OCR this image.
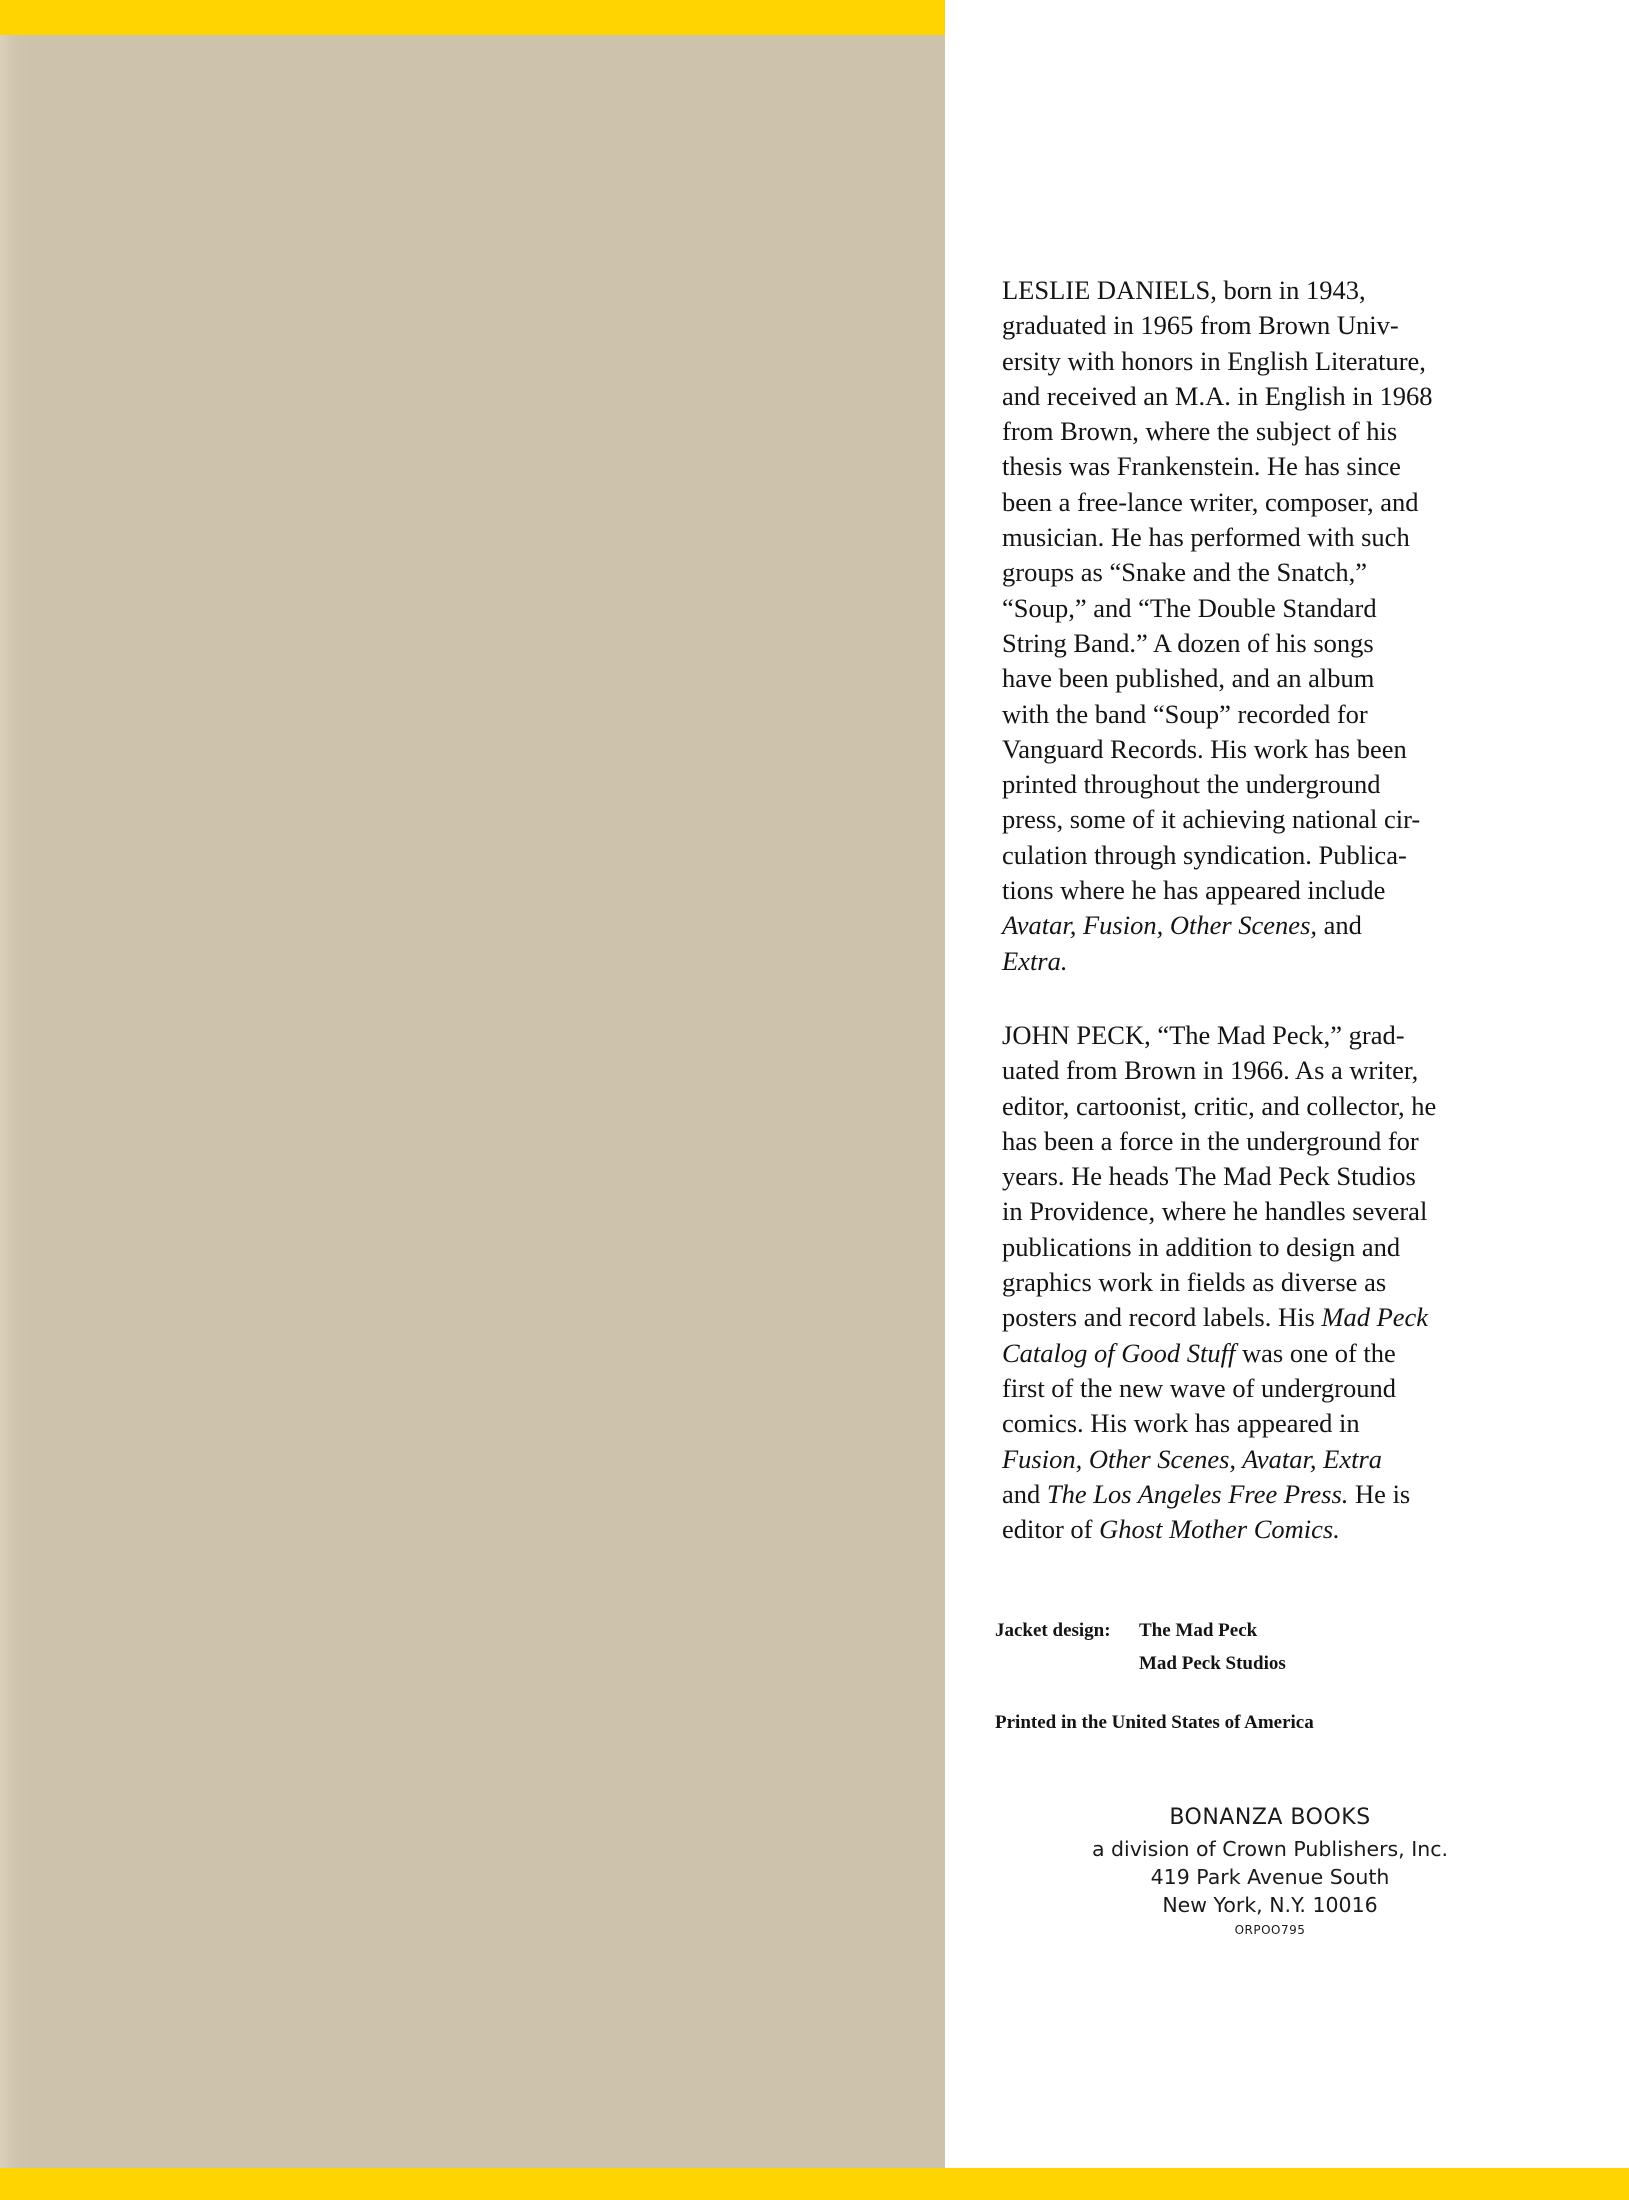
LESLIE DANIELS, born in 1943,
graduated in 1965 from Brown Univ-
ersity with honors in English Literature,
and received an M.A. in English in 1968
from Brown, where the subject of his
thesis was Frankenstein. He has since
been a free-lance writer, composer, and
musician. He has performed with such
groups as “Snake and the Snatch,”
“Soup,” and “The Double Standard
String Band.” A dozen of his songs
have been published, and an album
with the band “Soup” recorded for
Vanguard Records. His work has been
printed throughout the underground
press, some of it achieving national cir-
culation through syndication. Publica-
tions where he has appeared include
Avatar, Fusion, Other Scenes, and
Extra.

JOHN PECK, “The Mad Peck,” grad-
uated from Brown in 1966. As a writer,
editor, cartoonist, critic, and collector, he
has been a force in the underground for
years. He heads The Mad Peck Studios
in Providence, where he handles several
publications in addition to design and
graphics work in fields as diverse as
posters and record labels. His Mad Peck
Catalog of Good Stuff was one of the
first of the new wave of underground
comics. His work has appeared in
Fusion, Other Scenes, Avatar, Extra
and The Los Angeles Free Press. He is
editor of Ghost Mother Comics.

Jacket design: The Mad Peck
Mad Peck Studios
Printed in the United States of America
BONANZA BOOKS
a division of Crown Publishers, Inc.
419 Park Avenue South
New York, N.Y. 10016
ORPOO795
